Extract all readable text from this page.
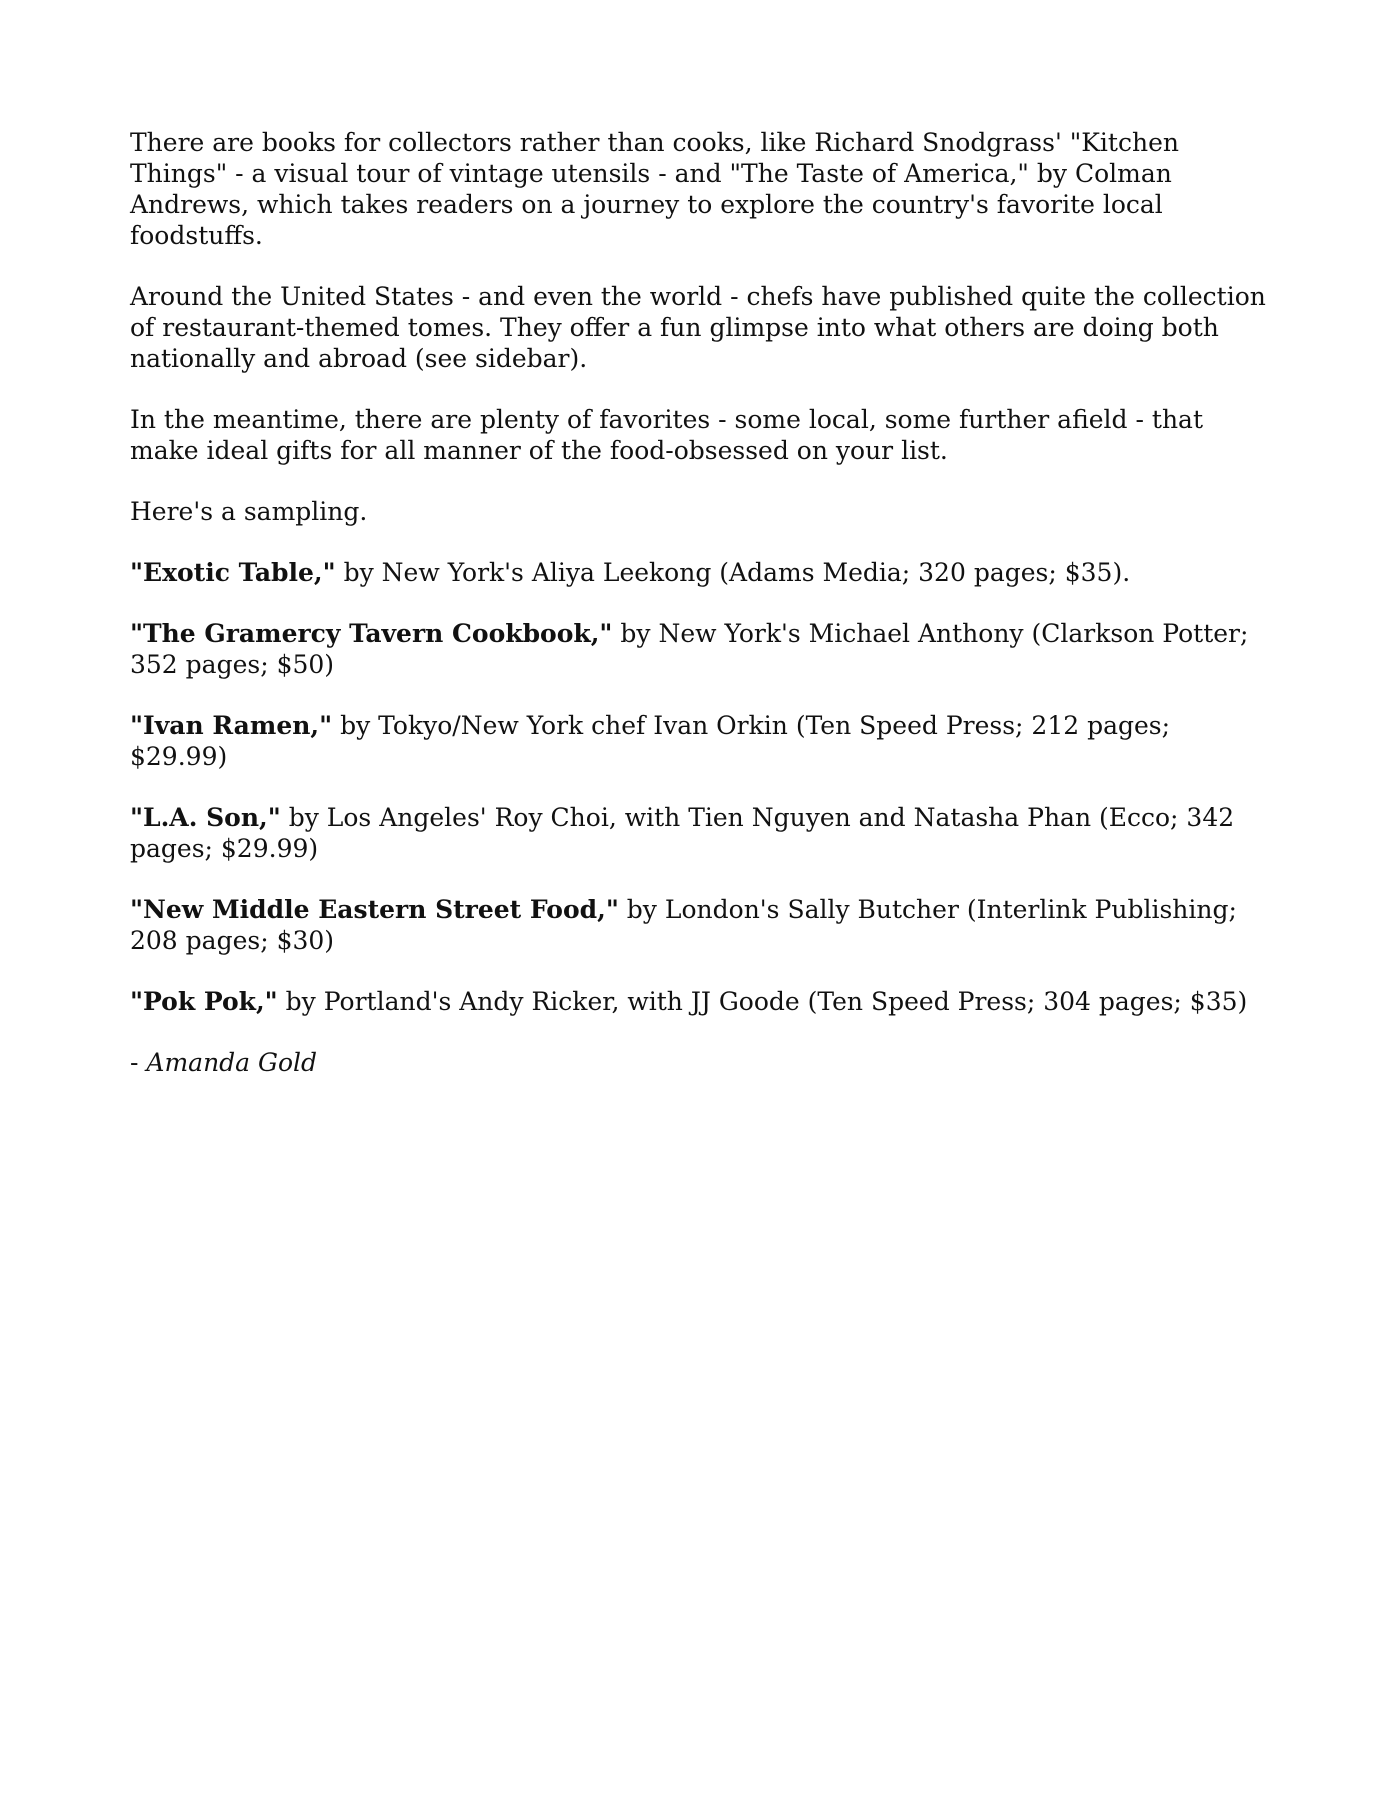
There are books for collectors rather than cooks, like Richard Snodgrass' "Kitchen Things" - a visual tour of vintage utensils - and "The Taste of America," by Colman Andrews, which takes readers on a journey to explore the country's favorite local foodstuffs.

Around the United States - and even the world - chefs have published quite the collection of restaurant-themed tomes. They offer a fun glimpse into what others are doing both nationally and abroad (see sidebar).

In the meantime, there are plenty of favorites - some local, some further afield - that make ideal gifts for all manner of the food-obsessed on your list.

Here's a sampling.

"Exotic Table," by New York's Aliya Leekong (Adams Media; 320 pages; $35).

"The Gramercy Tavern Cookbook," by New York's Michael Anthony (Clarkson Potter; 352 pages; $50)

"Ivan Ramen," by Tokyo/New York chef Ivan Orkin (Ten Speed Press; 212 pages; $29.99)

"L.A. Son," by Los Angeles' Roy Choi, with Tien Nguyen and Natasha Phan (Ecco; 342 pages; $29.99)

"New Middle Eastern Street Food," by London's Sally Butcher (Interlink Publishing; 208 pages; $30)

"Pok Pok," by Portland's Andy Ricker, with JJ Goode (Ten Speed Press; 304 pages; $35)

- Amanda Gold
